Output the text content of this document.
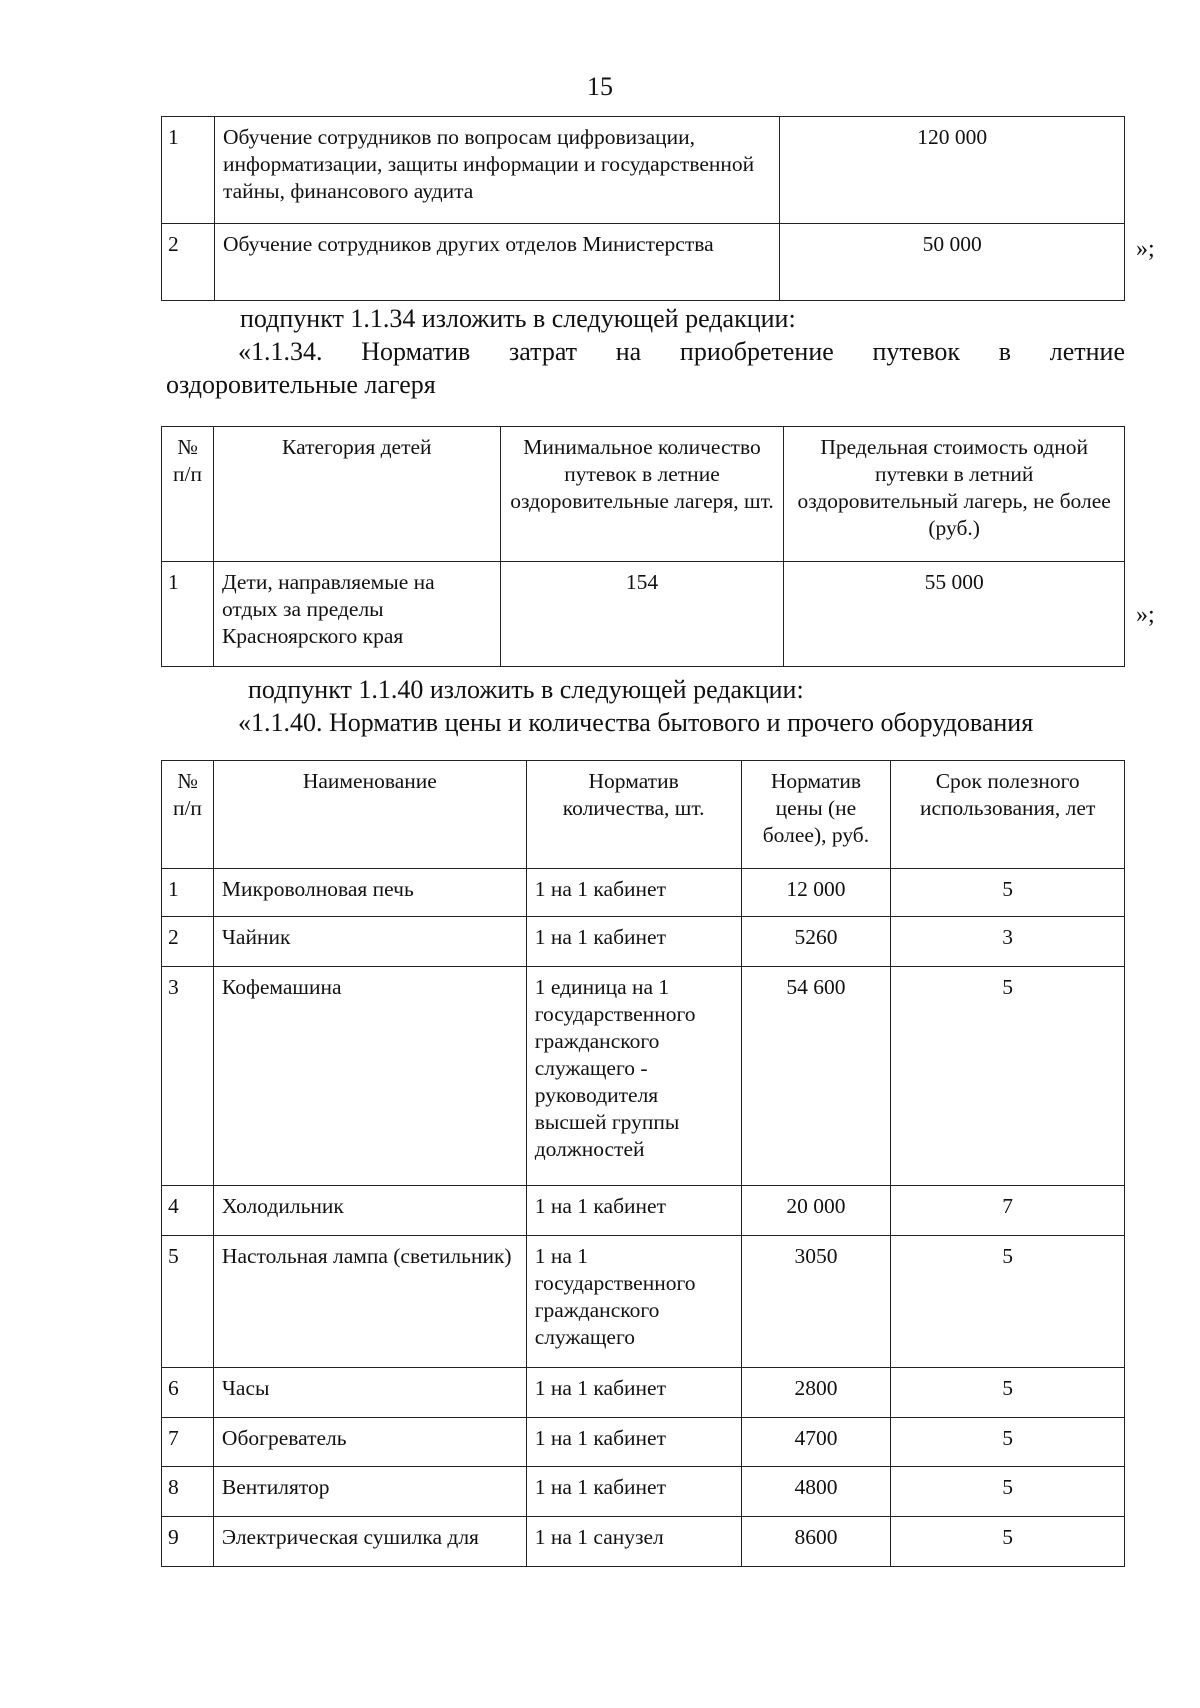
15
1	Обучение сотрудников по вопросам цифровизации, информатизации, защиты информации и государственной тайны, финансового аудита	120 000
2	Обучение сотрудников других отделов Министерства	50 000	»;
подпункт 1.1.34 изложить в следующей редакции:
«1.1.34. Норматив затрат на приобретение путевок в летние
оздоровительные лагеря
№ п/п	Категория детей	Минимальное количество путевок в летние оздоровительные лагеря, шт.	Предельная стоимость одной путевки в летний оздоровительный лагерь, не более (руб.)
1	Дети, направляемые на отдых за пределы Красноярского края	154	55 000
»;
подпункт 1.1.40 изложить в следующей редакции:
«1.1.40. Норматив цены и количества бытового и прочего оборудования
№ п/п	Наименование	Норматив количества, шт.	Норматив цены (не более), руб.	Срок полезного использования, лет
1	Микроволновая печь	1 на 1 кабинет	12 000	5
2	Чайник	1 на 1 кабинет	5260	3
3	Кофемашина	1 единица на 1 государственного гражданского служащего - руководителя высшей группы должностей	54 600	5
4	Холодильник	1 на 1 кабинет	20 000	7
5	Настольная лампа (светильник)	1 на 1 государственного гражданского служащего	3050	5
6	Часы	1 на 1 кабинет	2800	5
7	Обогреватель	1 на 1 кабинет	4700	5
8	Вентилятор	1 на 1 кабинет	4800	5
9	Электрическая сушилка для	1 на 1 санузел	8600	5
